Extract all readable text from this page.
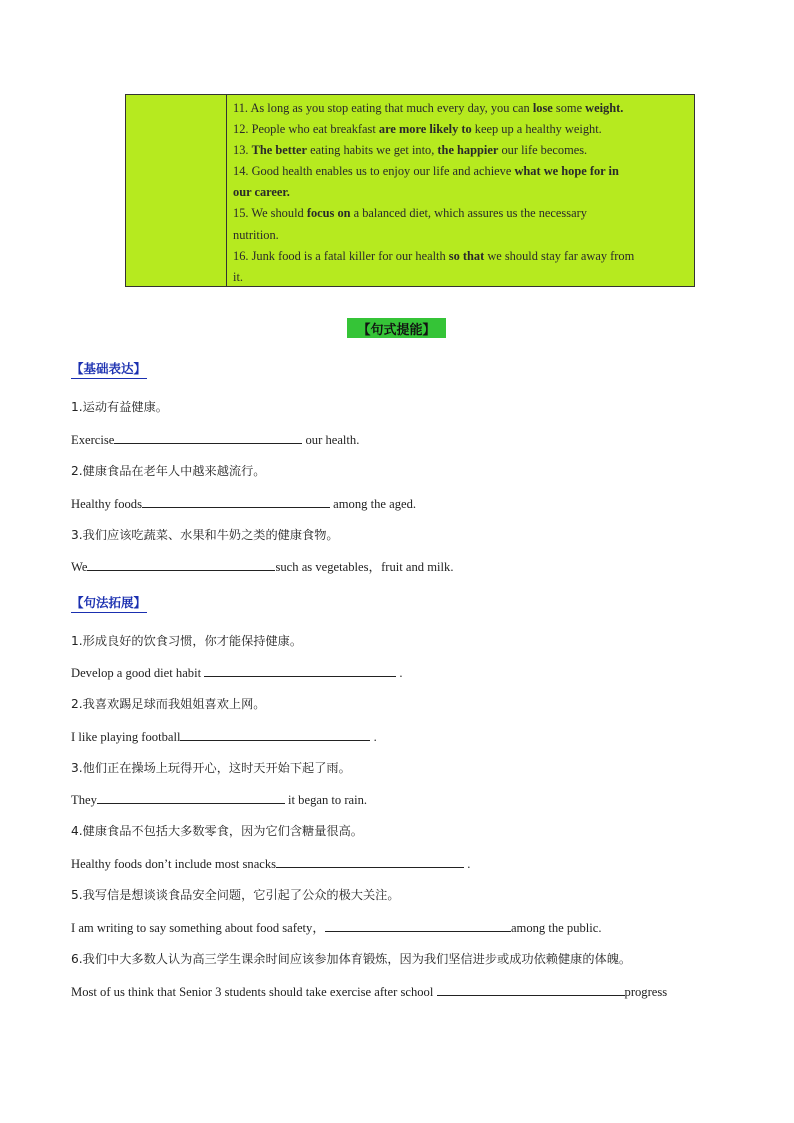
11. As long as you stop eating that much every day, you can lose some weight.
12. People who eat breakfast are more likely to keep up a healthy weight.
13. The better eating habits we get into, the happier our life becomes.
14. Good health enables us to enjoy our life and achieve what we hope for in
our career.
15. We should focus on a balanced diet, which assures us the necessary
nutrition.
16. Junk food is a fatal killer for our health so that we should stay far away from
it.
【句式提能】
【基础表达】
1.运动有益健康。
Exercise	our health.
2.健康食品在老年人中越来越流行。
Healthy foods	among the aged.
3.我们应该吃蔬菜、水果和牛奶之类的健康食物。
We	such as vegetables，fruit and milk.
【句法拓展】
1.形成良好的饮食习惯，你才能保持健康。
Develop a good diet habit	.
2.我喜欢踢足球而我姐姐喜欢上网。
I like playing football	.
3.他们正在操场上玩得开心，这时天开始下起了雨。
They	it began to rain.
4.健康食品不包括大多数零食，因为它们含糖量很高。
Healthy foods don’t include most snacks	.
5.我写信是想谈谈食品安全问题，它引起了公众的极大关注。
I am writing to say something about food safety，	among the public.
6.我们中大多数人认为高三学生课余时间应该参加体育锻炼，因为我们坚信进步或成功依赖健康的体魄。
Most of us think that Senior 3 students should take exercise after school	progress
